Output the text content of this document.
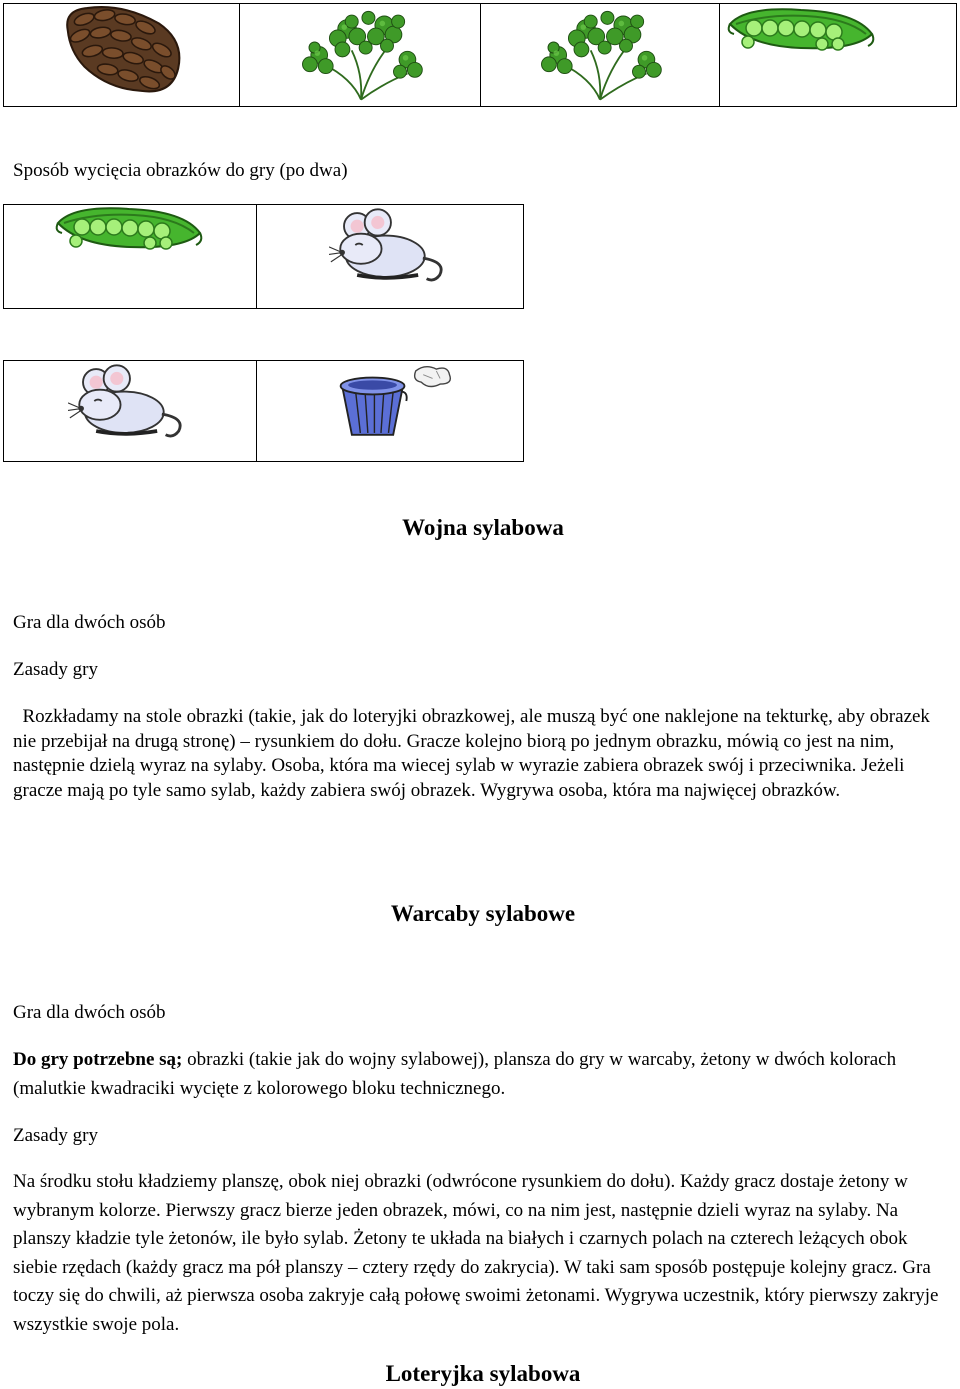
Sposób wycięcia obrazków do gry (po dwa)
Wojna sylabowa
Gra dla dwóch osób
Zasady gry
Rozkładamy na stole obrazki (takie, jak do loteryjki obrazkowej, ale muszą być one naklejone na tekturkę, aby obrazek nie przebijał na drugą stronę) – rysunkiem do dołu. Gracze kolejno biorą po jednym obrazku, mówią co jest na nim, następnie dzielą wyraz na sylaby. Osoba, która ma wiecej sylab w wyrazie zabiera obrazek swój i przeciwnika. Jeżeli gracze mają po tyle samo sylab, każdy zabiera swój obrazek. Wygrywa osoba, która ma najwięcej obrazków.
Warcaby sylabowe
Gra dla dwóch osób
Do gry potrzebne są; obrazki (takie jak do wojny sylabowej), plansza do gry w warcaby, żetony w dwóch kolorach (malutkie kwadraciki wycięte z kolorowego bloku technicznego.
Zasady gry
Na środku stołu kładziemy planszę, obok niej obrazki (odwrócone rysunkiem do dołu). Każdy gracz dostaje żetony w wybranym kolorze. Pierwszy gracz bierze jeden obrazek, mówi, co na nim jest, następnie dzieli wyraz na sylaby. Na planszy kładzie tyle żetonów, ile było sylab. Żetony te układa na białych i czarnych polach na czterech leżących obok siebie rzędach (każdy gracz ma pół planszy – cztery rzędy do zakrycia). W taki sam sposób postępuje kolejny gracz. Gra toczy się do chwili, aż pierwsza osoba zakryje całą połowę swoimi żetonami. Wygrywa uczestnik, który pierwszy zakryje wszystkie swoje pola.
Loteryjka sylabowa
